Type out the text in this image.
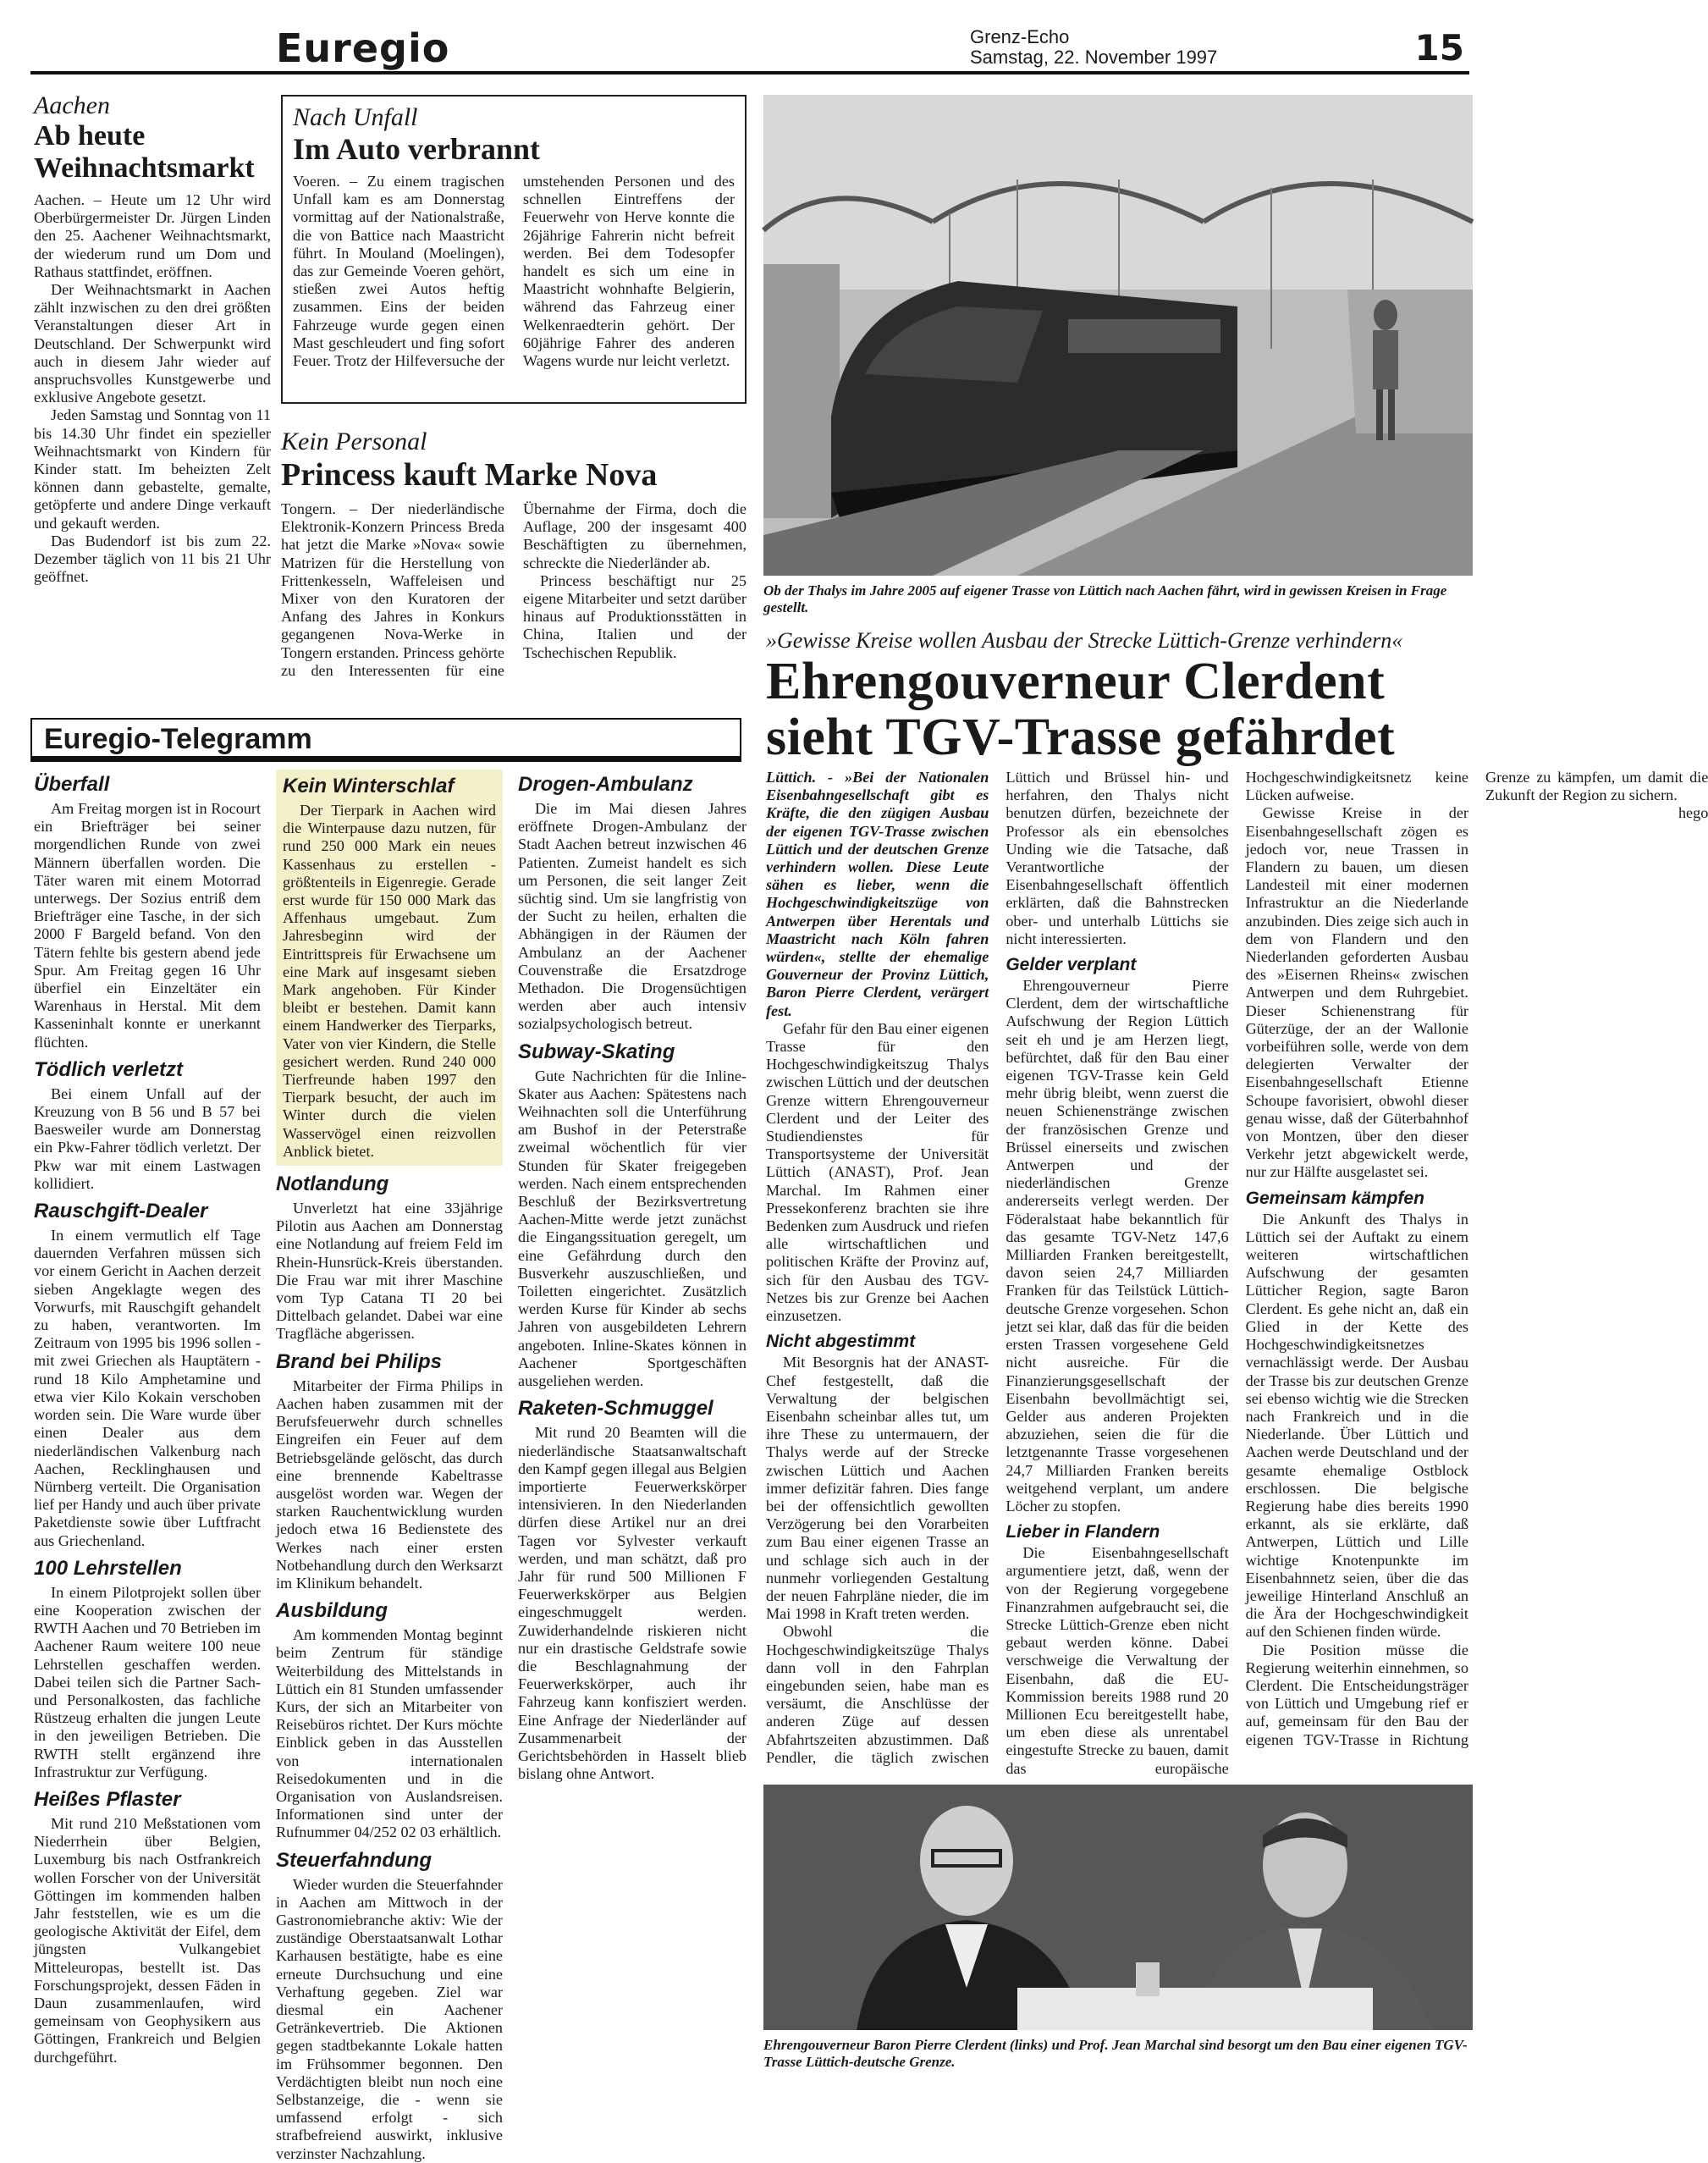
Euregio	Grenz-Echo
Samstag, 22. November 1997	15
Aachen
Ab heute Weihnachtsmarkt

Aachen. – Heute um 12 Uhr wird Oberbürgermeister Dr. Jürgen Linden den 25. Aachener Weihnachtsmarkt, der wiederum rund um Dom und Rathaus stattfindet, eröffnen.

Der Weihnachtsmarkt in Aachen zählt inzwischen zu den drei größten Veranstaltungen dieser Art in Deutschland. Der Schwerpunkt wird auch in diesem Jahr wieder auf anspruchsvolles Kunstgewerbe und exklusive Angebote gesetzt.

Jeden Samstag und Sonntag von 11 bis 14.30 Uhr findet ein spezieller Weihnachtsmarkt von Kindern für Kinder statt. Im beheizten Zelt können dann gebastelte, gemalte, getöpferte und andere Dinge verkauft und gekauft werden.

Das Budendorf ist bis zum 22. Dezember täglich von 11 bis 21 Uhr geöffnet.

Nach Unfall
Im Auto verbrannt
Voeren. – Zu einem tragischen Unfall kam es am Donnerstag vormittag auf der Nationalstraße, die von Battice nach Maastricht führt. In Mouland (Moelingen), das zur Gemeinde Voeren gehört, stießen zwei Autos heftig zusammen. Eins der beiden Fahrzeuge wurde gegen einen Mast geschleudert und fing sofort Feuer. Trotz der Hilfeversuche der umstehenden Personen und des schnellen Eintreffens der Feuerwehr von Herve konnte die 26jährige Fahrerin nicht befreit werden. Bei dem Todesopfer handelt es sich um eine in Maastricht wohnhafte Belgierin, während das Fahrzeug einer Welkenraedterin gehört. Der 60jährige Fahrer des anderen Wagens wurde nur leicht verletzt.
Kein Personal
Princess kauft Marke Nova

Tongern. – Der niederländische Elektronik-Konzern Princess Breda hat jetzt die Marke »Nova« sowie Matrizen für die Herstellung von Frittenkesseln, Waffeleisen und Mixer von den Kuratoren der Anfang des Jahres in Konkurs gegangenen Nova-Werke in Tongern erstanden. Princess gehörte zu den Interessenten für eine Übernahme der Firma, doch die Auflage, 200 der insgesamt 400 Beschäftigten zu übernehmen, schreckte die Niederländer ab.

Princess beschäftigt nur 25 eigene Mitarbeiter und setzt darüber hinaus auf Produktionsstätten in China, Italien und der Tschechischen Republik.

Ob der Thalys im Jahre 2005 auf eigener Trasse von Lüttich nach Aachen fährt, wird in gewissen Kreisen in Frage gestellt.
»Gewisse Kreise wollen Ausbau der Strecke Lüttich-Grenze verhindern«
Ehrengouverneur Clerdent sieht TGV-Trasse gefährdet

Lüttich. - »Bei der Nationalen Eisenbahngesellschaft gibt es Kräfte, die den zügigen Ausbau der eigenen TGV-Trasse zwischen Lüttich und der deutschen Grenze verhindern wollen. Diese Leute sähen es lieber, wenn die Hochgeschwindigkeitszüge von Antwerpen über Herentals und Maastricht nach Köln fahren würden«, stellte der ehemalige Gouverneur der Provinz Lüttich, Baron Pierre Clerdent, verärgert fest.

Gefahr für den Bau einer eigenen Trasse für den Hochgeschwindigkeitszug Thalys zwischen Lüttich und der deutschen Grenze wittern Ehrengouverneur Clerdent und der Leiter des Studiendienstes für Transportsysteme der Universität Lüttich (ANAST), Prof. Jean Marchal. Im Rahmen einer Pressekonferenz brachten sie ihre Bedenken zum Ausdruck und riefen alle wirtschaftlichen und politischen Kräfte der Provinz auf, sich für den Ausbau des TGV-Netzes bis zur Grenze bei Aachen einzusetzen.

Nicht abgestimmt

Mit Besorgnis hat der ANAST-Chef festgestellt, daß die Verwaltung der belgischen Eisenbahn scheinbar alles tut, um ihre These zu untermauern, der Thalys werde auf der Strecke zwischen Lüttich und Aachen immer defizitär fahren. Dies fange bei der offensichtlich gewollten Verzögerung bei den Vorarbeiten zum Bau einer eigenen Trasse an und schlage sich auch in der nunmehr vorliegenden Gestaltung der neuen Fahrpläne nieder, die im Mai 1998 in Kraft treten werden.

Obwohl die Hochgeschwindigkeitszüge Thalys dann voll in den Fahrplan eingebunden seien, habe man es versäumt, die Anschlüsse der anderen Züge auf dessen Abfahrtszeiten abzustimmen. Daß Pendler, die täglich zwischen Lüttich und Brüssel hin- und herfahren, den Thalys nicht benutzen dürfen, bezeichnete der Professor als ein ebensolches Unding wie die Tatsache, daß Verantwortliche der Eisenbahngesellschaft öffentlich erklärten, daß die Bahnstrecken ober- und unterhalb Lüttichs sie nicht interessierten.

Gelder verplant

Ehrengouverneur Pierre Clerdent, dem der wirtschaftliche Aufschwung der Region Lüttich seit eh und je am Herzen liegt, befürchtet, daß für den Bau einer eigenen TGV-Trasse kein Geld mehr übrig bleibt, wenn zuerst die neuen Schienenstränge zwischen der französischen Grenze und Brüssel einerseits und zwischen Antwerpen und der niederländischen Grenze andererseits verlegt werden. Der Föderalstaat habe bekanntlich für das gesamte TGV-Netz 147,6 Milliarden Franken bereitgestellt, davon seien 24,7 Milliarden Franken für das Teilstück Lüttich-deutsche Grenze vorgesehen. Schon jetzt sei klar, daß das für die beiden ersten Trassen vorgesehene Geld nicht ausreiche. Für die Finanzierungsgesellschaft der Eisenbahn bevollmächtigt sei, Gelder aus anderen Projekten abzuziehen, seien die für die letztgenannte Trasse vorgesehenen 24,7 Milliarden Franken bereits weitgehend verplant, um andere Löcher zu stopfen.

Lieber in Flandern

Die Eisenbahngesellschaft argumentiere jetzt, daß, wenn der von der Regierung vorgegebene Finanzrahmen aufgebraucht sei, die Strecke Lüttich-Grenze eben nicht gebaut werden könne. Dabei verschweige die Verwaltung der Eisenbahn, daß die EU-Kommission bereits 1988 rund 20 Millionen Ecu bereitgestellt habe, um eben diese als unrentabel eingestufte Strecke zu bauen, damit das europäische Hochgeschwindigkeitsnetz keine Lücken aufweise.

Gewisse Kreise in der Eisenbahngesellschaft zögen es jedoch vor, neue Trassen in Flandern zu bauen, um diesen Landesteil mit einer modernen Infrastruktur an die Niederlande anzubinden. Dies zeige sich auch in dem von Flandern und den Niederlanden geforderten Ausbau des »Eisernen Rheins« zwischen Antwerpen und dem Ruhrgebiet. Dieser Schienenstrang für Güterzüge, der an der Wallonie vorbeiführen solle, werde von dem delegierten Verwalter der Eisenbahngesellschaft Etienne Schoupe favorisiert, obwohl dieser genau wisse, daß der Güterbahnhof von Montzen, über den dieser Verkehr jetzt abgewickelt werde, nur zur Hälfte ausgelastet sei.

Gemeinsam kämpfen

Die Ankunft des Thalys in Lüttich sei der Auftakt zu einem weiteren wirtschaftlichen Aufschwung der gesamten Lütticher Region, sagte Baron Clerdent. Es gehe nicht an, daß ein Glied in der Kette des Hochgeschwindigkeitsnetzes vernachlässigt werde. Der Ausbau der Trasse bis zur deutschen Grenze sei ebenso wichtig wie die Strecken nach Frankreich und in die Niederlande. Über Lüttich und Aachen werde Deutschland und der gesamte ehemalige Ostblock erschlossen. Die belgische Regierung habe dies bereits 1990 erkannt, als sie erklärte, daß Antwerpen, Lüttich und Lille wichtige Knotenpunkte im Eisenbahnnetz seien, über die das jeweilige Hinterland Anschluß an die Ära der Hochgeschwindigkeit auf den Schienen finden würde.

Die Position müsse die Regierung weiterhin einnehmen, so Clerdent. Die Entscheidungsträger von Lüttich und Umgebung rief er auf, gemeinsam für den Bau der eigenen TGV-Trasse in Richtung Grenze zu kämpfen, um damit die Zukunft der Region zu sichern.

hego
Ehrengouverneur Baron Pierre Clerdent (links) und Prof. Jean Marchal sind besorgt um den Bau einer eigenen TGV-Trasse Lüttich-deutsche Grenze.
Euregio-Telegramm
Überfall

Am Freitag morgen ist in Rocourt ein Briefträger bei seiner morgendlichen Runde von zwei Männern überfallen worden. Die Täter waren mit einem Motorrad unterwegs. Der Sozius entriß dem Briefträger eine Tasche, in der sich 2000 F Bargeld befand. Von den Tätern fehlte bis gestern abend jede Spur. Am Freitag gegen 16 Uhr überfiel ein Einzeltäter ein Warenhaus in Herstal. Mit dem Kasseninhalt konnte er unerkannt flüchten.

Tödlich verletzt

Bei einem Unfall auf der Kreuzung von B 56 und B 57 bei Baesweiler wurde am Donnerstag ein Pkw-Fahrer tödlich verletzt. Der Pkw war mit einem Lastwagen kollidiert.

Rauschgift-Dealer

In einem vermutlich elf Tage dauernden Verfahren müssen sich vor einem Gericht in Aachen derzeit sieben Angeklagte wegen des Vorwurfs, mit Rauschgift gehandelt zu haben, verantworten. Im Zeitraum von 1995 bis 1996 sollen - mit zwei Griechen als Hauptätern - rund 18 Kilo Amphetamine und etwa vier Kilo Kokain verschoben worden sein. Die Ware wurde über einen Dealer aus dem niederländischen Valkenburg nach Aachen, Recklinghausen und Nürnberg verteilt. Die Organisation lief per Handy und auch über private Paketdienste sowie über Luftfracht aus Griechenland.

100 Lehrstellen

In einem Pilotprojekt sollen über eine Kooperation zwischen der RWTH Aachen und 70 Betrieben im Aachener Raum weitere 100 neue Lehrstellen geschaffen werden. Dabei teilen sich die Partner Sach- und Personalkosten, das fachliche Rüstzeug erhalten die jungen Leute in den jeweiligen Betrieben. Die RWTH stellt ergänzend ihre Infrastruktur zur Verfügung.

Heißes Pflaster

Mit rund 210 Meßstationen vom Niederrhein über Belgien, Luxemburg bis nach Ostfrankreich wollen Forscher von der Universität Göttingen im kommenden halben Jahr feststellen, wie es um die geologische Aktivität der Eifel, dem jüngsten Vulkangebiet Mitteleuropas, bestellt ist. Das Forschungsprojekt, dessen Fäden in Daun zusammenlaufen, wird gemeinsam von Geophysikern aus Göttingen, Frankreich und Belgien durchgeführt.

Kein Winterschlaf

Der Tierpark in Aachen wird die Winterpause dazu nutzen, für rund 250 000 Mark ein neues Kassenhaus zu erstellen - größtenteils in Eigenregie. Gerade erst wurde für 150 000 Mark das Affenhaus umgebaut. Zum Jahresbeginn wird der Eintrittspreis für Erwachsene um eine Mark auf insgesamt sieben Mark angehoben. Für Kinder bleibt er bestehen. Damit kann einem Handwerker des Tierparks, Vater von vier Kindern, die Stelle gesichert werden. Rund 240 000 Tierfreunde haben 1997 den Tierpark besucht, der auch im Winter durch die vielen Wasservögel einen reizvollen Anblick bietet.

Notlandung

Unverletzt hat eine 33jährige Pilotin aus Aachen am Donnerstag eine Notlandung auf freiem Feld im Rhein-Hunsrück-Kreis überstanden. Die Frau war mit ihrer Maschine vom Typ Catana TI 20 bei Dittelbach gelandet. Dabei war eine Tragfläche abgerissen.

Brand bei Philips

Mitarbeiter der Firma Philips in Aachen haben zusammen mit der Berufsfeuerwehr durch schnelles Eingreifen ein Feuer auf dem Betriebsgelände gelöscht, das durch eine brennende Kabeltrasse ausgelöst worden war. Wegen der starken Rauchentwicklung wurden jedoch etwa 16 Bedienstete des Werkes nach einer ersten Notbehandlung durch den Werksarzt im Klinikum behandelt.

Ausbildung

Am kommenden Montag beginnt beim Zentrum für ständige Weiterbildung des Mittelstands in Lüttich ein 81 Stunden umfassender Kurs, der sich an Mitarbeiter von Reisebüros richtet. Der Kurs möchte Einblick geben in das Ausstellen von internationalen Reisedokumenten und in die Organisation von Auslandsreisen. Informationen sind unter der Rufnummer 04/252 02 03 erhältlich.

Steuerfahndung

Wieder wurden die Steuerfahnder in Aachen am Mittwoch in der Gastronomiebranche aktiv: Wie der zuständige Oberstaatsanwalt Lothar Karhausen bestätigte, habe es eine erneute Durchsuchung und eine Verhaftung gegeben. Ziel war diesmal ein Aachener Getränkevertrieb. Die Aktionen gegen stadtbekannte Lokale hatten im Frühsommer begonnen. Den Verdächtigten bleibt nun noch eine Selbstanzeige, die - wenn sie umfassend erfolgt - sich strafbefreiend auswirkt, inklusive verzinster Nachzahlung.

Drogen-Ambulanz

Die im Mai diesen Jahres eröffnete Drogen-Ambulanz der Stadt Aachen betreut inzwischen 46 Patienten. Zumeist handelt es sich um Personen, die seit langer Zeit süchtig sind. Um sie langfristig von der Sucht zu heilen, erhalten die Abhängigen in der Räumen der Ambulanz an der Aachener Couvenstraße die Ersatzdroge Methadon. Die Drogensüchtigen werden aber auch intensiv sozialpsychologisch betreut.

Subway-Skating

Gute Nachrichten für die Inline-Skater aus Aachen: Spätestens nach Weihnachten soll die Unterführung am Bushof in der Peterstraße zweimal wöchentlich für vier Stunden für Skater freigegeben werden. Nach einem entsprechenden Beschluß der Bezirksvertretung Aachen-Mitte werde jetzt zunächst die Eingangssituation geregelt, um eine Gefährdung durch den Busverkehr auszuschließen, und Toiletten eingerichtet. Zusätzlich werden Kurse für Kinder ab sechs Jahren von ausgebildeten Lehrern angeboten. Inline-Skates können in Aachener Sportgeschäften ausgeliehen werden.

Raketen-Schmuggel

Mit rund 20 Beamten will die niederländische Staatsanwaltschaft den Kampf gegen illegal aus Belgien importierte Feuerwerkskörper intensivieren. In den Niederlanden dürfen diese Artikel nur an drei Tagen vor Sylvester verkauft werden, und man schätzt, daß pro Jahr für rund 500 Millionen F Feuerwerkskörper aus Belgien eingeschmuggelt werden. Zuwiderhandelnde riskieren nicht nur ein drastische Geldstrafe sowie die Beschlagnahmung der Feuerwerkskörper, auch ihr Fahrzeug kann konfisziert werden. Eine Anfrage der Niederländer auf Zusammenarbeit der Gerichtsbehörden in Hasselt blieb bislang ohne Antwort.
